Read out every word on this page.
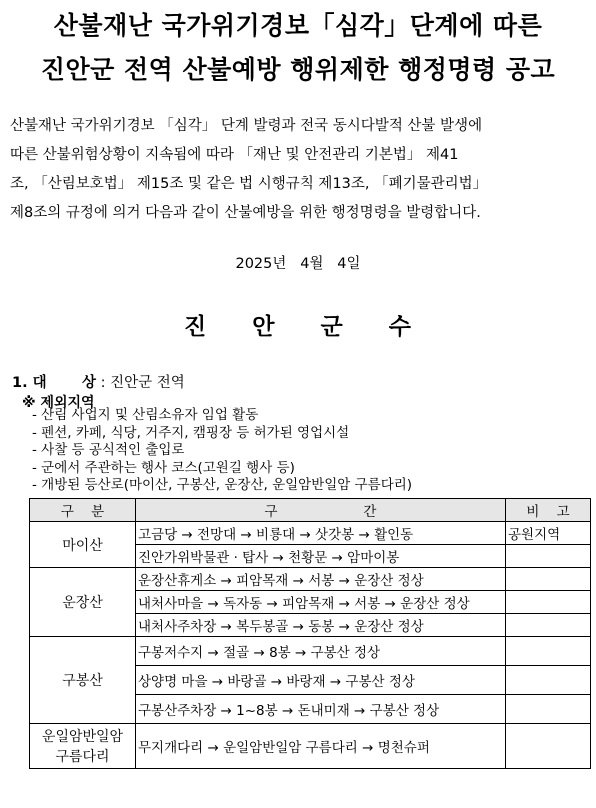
산불재난 국가위기경보「심각」단계에 따른
진안군 전역 산불예방 행위제한 행정명령 공고
산불재난 국가위기경보 「심각」 단계 발령과 전국 동시다발적 산불 발생에
따른 산불위험상황이 지속됨에 따라 「재난 및 안전관리 기본법」 제41
조, 「산림보호법」 제15조 및 같은 법 시행규칙 제13조, 「폐기물관리법」
제8조의 규정에 의거 다음과 같이 산불예방을 위한 행정명령을 발령합니다.
2025년   4월   4일
진     안     군     수
1. 대       상 : 진안군 전역
※ 제외지역
- 산림 사업지 및 산림소유자 임업 활동
- 펜션, 카페, 식당, 거주지, 캠핑장 등 허가된 영업시설
- 사찰 등 공식적인 출입로
- 군에서 주관하는 행사 코스(고원길 행사 등)
- 개방된 등산로(마이산, 구봉산, 운장산, 운일암반일암 구름다리)
구    분	구                    간	비    고
마이산	고금당 → 전망대 → 비룡대 → 삿갓봉 → 활인동	공원지역
	진안가위박물관 · 탑사 → 천황문 → 암마이봉	
운장산	운장산휴게소 → 피암목재 → 서봉 → 운장산 정상	
	내처사마을 → 독자동 → 피암목재 → 서봉 → 운장산 정상	
	내처사주차장 → 복두봉골 → 동봉 → 운장산 정상	
구봉산	구봉저수지 → 절골 → 8봉 → 구봉산 정상	
	상양명 마을 → 바랑골 → 바랑재 → 구봉산 정상	
	구봉산주차장 → 1~8봉 → 돈내미재 → 구봉산 정상	

운일암반일암
구름다리	무지개다리 → 운일암반일암 구름다리 → 명천슈퍼	
